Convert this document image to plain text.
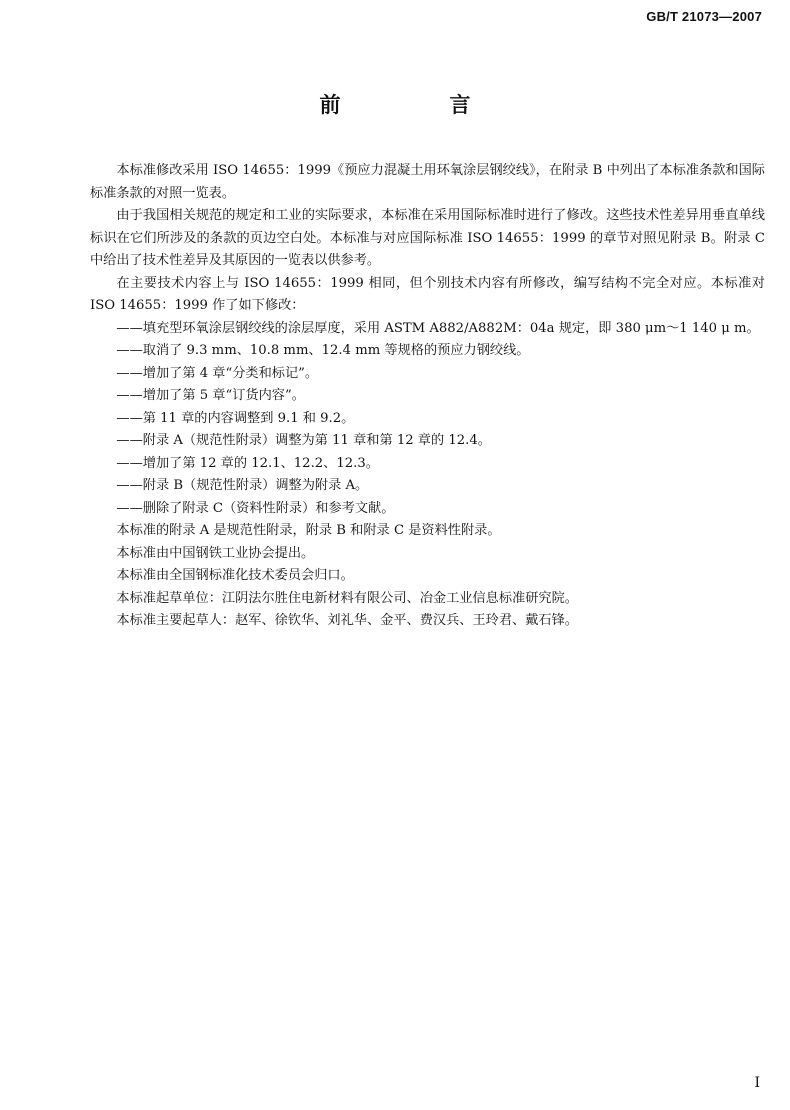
GB/T 21073—2007
前　言

本标准修改采用 ISO 14655：1999《预应力混凝土用环氧涂层钢绞线》，在附录 B 中列出了本标准条款和国际标准条款的对照一览表。

由于我国相关规范的规定和工业的实际要求，本标准在采用国际标准时进行了修改。这些技术性差异用垂直单线标识在它们所涉及的条款的页边空白处。本标准与对应国际标准 ISO 14655：1999 的章节对照见附录 B。附录 C 中给出了技术性差异及其原因的一览表以供参考。

在主要技术内容上与 ISO 14655：1999 相同，但个别技术内容有所修改，编写结构不完全对应。本标准对 ISO 14655：1999 作了如下修改：

——填充型环氧涂层钢绞线的涂层厚度，采用 ASTM A882/A882M：04a 规定，即 380 μm～1 140 μ m。

——取消了 9.3 mm、10.8 mm、12.4 mm 等规格的预应力钢绞线。

——增加了第 4 章“分类和标记”。

——增加了第 5 章“订货内容”。

——第 11 章的内容调整到 9.1 和 9.2。

——附录 A（规范性附录）调整为第 11 章和第 12 章的 12.4。

——增加了第 12 章的 12.1、12.2、12.3。

——附录 B（规范性附录）调整为附录 A。

——删除了附录 C（资料性附录）和参考文献。

本标准的附录 A 是规范性附录，附录 B 和附录 C 是资料性附录。

本标准由中国钢铁工业协会提出。

本标准由全国钢标准化技术委员会归口。

本标准起草单位：江阴法尔胜住电新材料有限公司、冶金工业信息标准研究院。

本标准主要起草人：赵军、徐钦华、刘礼华、金平、费汉兵、王玲君、戴石锋。

I
